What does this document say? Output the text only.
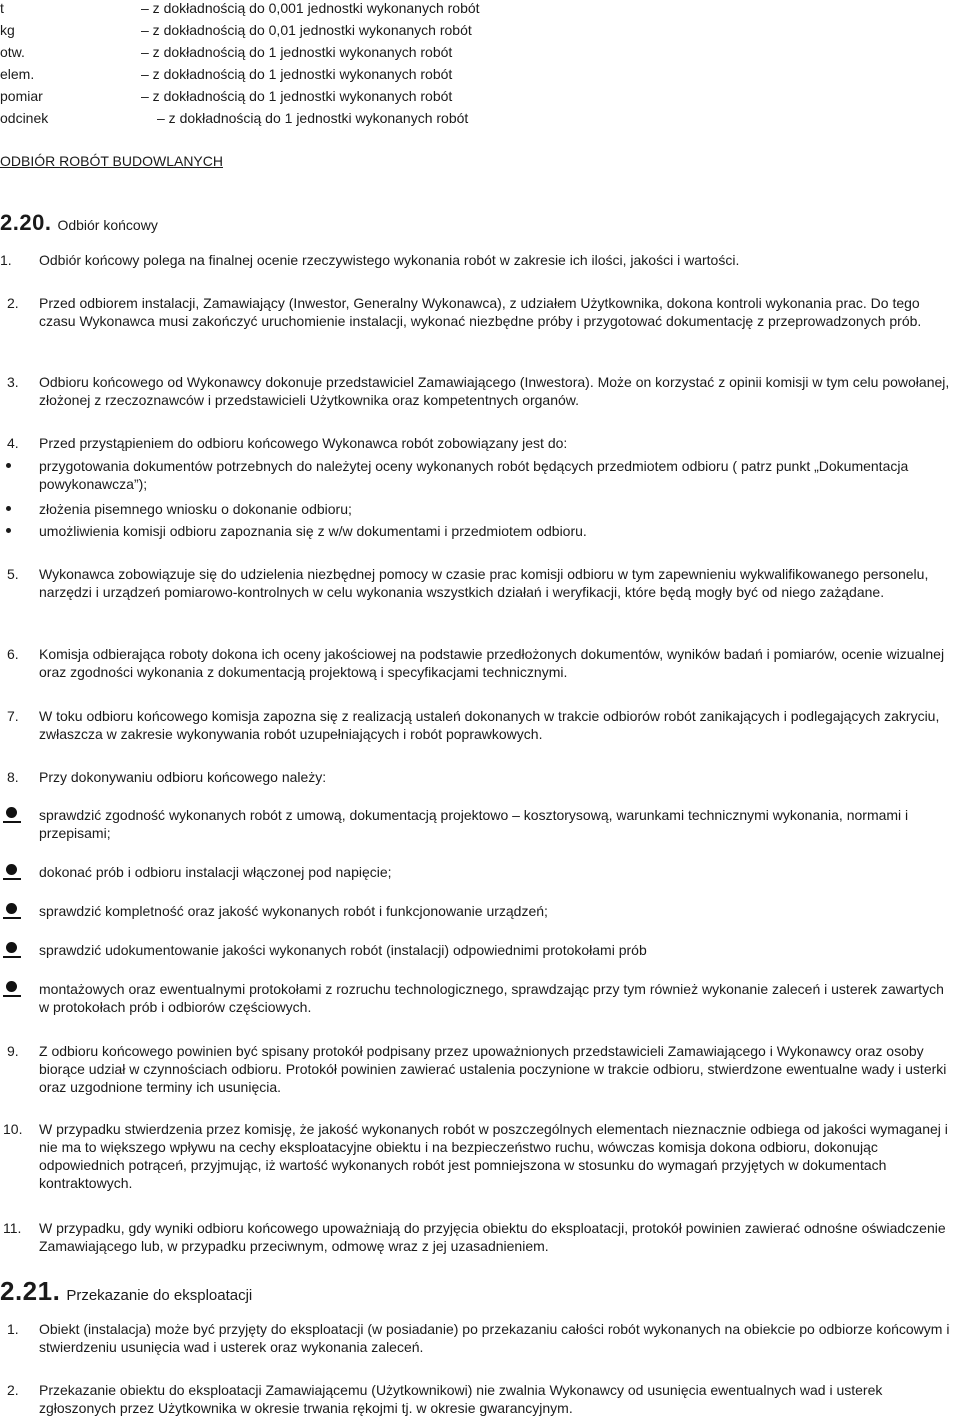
t	– z dokładnością do 0,001 jednostki wykonanych robót
kg	– z dokładnością do 0,01 jednostki wykonanych robót
otw.	– z dokładnością do 1 jednostki wykonanych robót
elem.	– z dokładnością do 1 jednostki wykonanych robót
pomiar	– z dokładnością do 1 jednostki wykonanych robót
odcinek	– z dokładnością do 1 jednostki wykonanych robót
ODBIÓR ROBÓT BUDOWLANYCH
2.20. Odbiór końcowy
1. Odbiór końcowy polega na finalnej ocenie rzeczywistego wykonania robót w zakresie ich ilości, jakości i wartości.
2. Przed odbiorem instalacji, Zamawiający (Inwestor, Generalny Wykonawca), z udziałem Użytkownika, dokona kontroli wykonania prac. Do tego czasu Wykonawca musi zakończyć uruchomienie instalacji, wykonać niezbędne próby i przygotować dokumentację z przeprowadzonych prób.
3. Odbioru końcowego od Wykonawcy dokonuje przedstawiciel Zamawiającego (Inwestora). Może on korzystać z opinii komisji w tym celu powołanej, złożonej z rzeczoznawców i przedstawicieli Użytkownika oraz kompetentnych organów.
4. Przed przystąpieniem do odbioru końcowego Wykonawca robót zobowiązany jest do:
przygotowania dokumentów potrzebnych do należytej oceny wykonanych robót będących przedmiotem odbioru ( patrz punkt „Dokumentacja powykonawcza”);
złożenia pisemnego wniosku o dokonanie odbioru;
umożliwienia komisji odbioru zapoznania się z w/w dokumentami i przedmiotem odbioru.
5. Wykonawca zobowiązuje się do udzielenia niezbędnej pomocy w czasie prac komisji odbioru w tym zapewnieniu wykwalifikowanego personelu, narzędzi i urządzeń pomiarowo-kontrolnych w celu wykonania wszystkich działań i weryfikacji, które będą mogły być od niego zażądane.
6. Komisja odbierająca roboty dokona ich oceny jakościowej na podstawie przedłożonych dokumentów, wyników badań i pomiarów, ocenie wizualnej oraz zgodności wykonania z dokumentacją projektową i specyfikacjami technicznymi.
7. W toku odbioru końcowego komisja zapozna się z realizacją ustaleń dokonanych w trakcie odbiorów robót zanikających i podlegających zakryciu, zwłaszcza w zakresie wykonywania robót uzupełniających i robót poprawkowych.
8. Przy dokonywaniu odbioru końcowego należy:
sprawdzić zgodność wykonanych robót z umową, dokumentacją projektowo – kosztorysową, warunkami technicznymi wykonania, normami i przepisami;
dokonać prób i odbioru instalacji włączonej pod napięcie;
sprawdzić kompletność oraz jakość wykonanych robót i funkcjonowanie urządzeń;
sprawdzić udokumentowanie jakości wykonanych robót (instalacji) odpowiednimi protokołami prób
montażowych oraz ewentualnymi protokołami z rozruchu technologicznego, sprawdzając przy tym również wykonanie zaleceń i usterek zawartych w protokołach prób i odbiorów częściowych.
9. Z odbioru końcowego powinien być spisany protokół podpisany przez upoważnionych przedstawicieli Zamawiającego i Wykonawcy oraz osoby biorące udział w czynnościach odbioru. Protokół powinien zawierać ustalenia poczynione w trakcie odbioru, stwierdzone ewentualne wady i usterki oraz uzgodnione terminy ich usunięcia.
10. W przypadku stwierdzenia przez komisję, że jakość wykonanych robót w poszczególnych elementach nieznacznie odbiega od jakości wymaganej i nie ma to większego wpływu na cechy eksploatacyjne obiektu i na bezpieczeństwo ruchu, wówczas komisja dokona odbioru, dokonując odpowiednich potrąceń, przyjmując, iż wartość wykonanych robót jest pomniejszona w stosunku do wymagań przyjętych w dokumentach kontraktowych.
11. W przypadku, gdy wyniki odbioru końcowego upoważniają do przyjęcia obiektu do eksploatacji, protokół powinien zawierać odnośne oświadczenie Zamawiającego lub, w przypadku przeciwnym, odmowę wraz z jej uzasadnieniem.
2.21. Przekazanie do eksploatacji
1. Obiekt (instalacja) może być przyjęty do eksploatacji (w posiadanie) po przekazaniu całości robót wykonanych na obiekcie po odbiorze końcowym i stwierdzeniu usunięcia wad i usterek oraz wykonania zaleceń.
2. Przekazanie obiektu do eksploatacji Zamawiającemu (Użytkownikowi) nie zwalnia Wykonawcy od usunięcia ewentualnych wad i usterek zgłoszonych przez Użytkownika w okresie trwania rękojmi tj. w okresie gwarancyjnym.
